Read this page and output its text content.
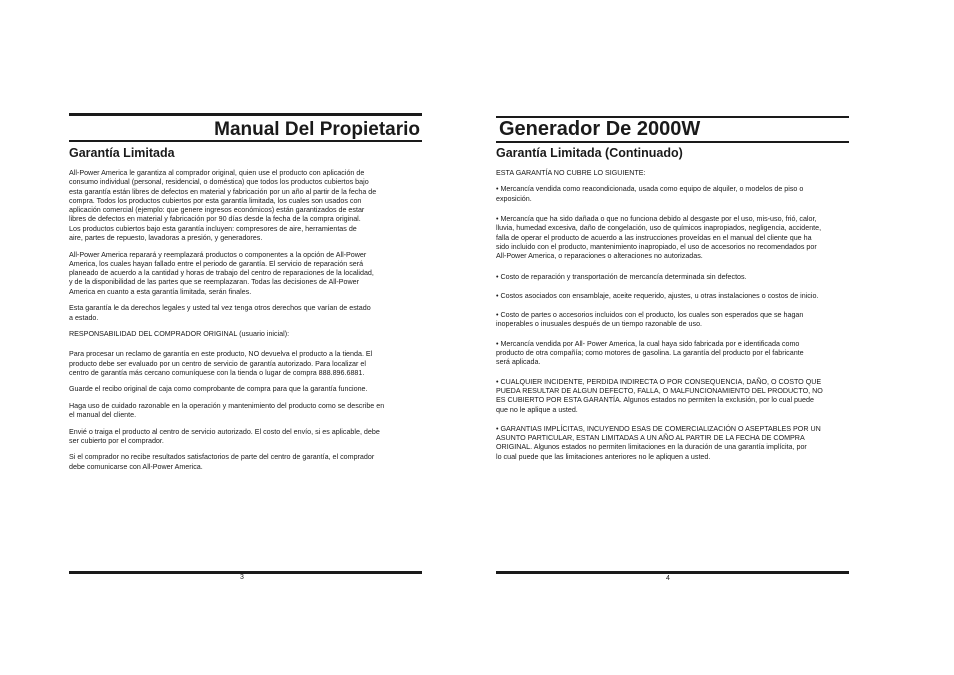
Manual Del Propietario
Garantía Limitada

All-Power America le garantiza al comprador original, quien use el producto con aplicación de
consumo individual (personal, residencial, o doméstica) que todos los productos cubiertos bajo
esta garantía están libres de defectos en material y fabricación por un año al partir de la fecha de
compra. Todos los productos cubiertos por esta garantía limitada, los cuales son usados con
aplicación comercial (ejemplo: que genere ingresos económicos) están garantizados de estar
libres de defectos en material y fabricación por 90 días desde la fecha de la compra original.
Los productos cubiertos bajo esta garantía incluyen: compresores de aire, herramientas de
aire, partes de repuesto, lavadoras a presión, y generadores.

All-Power America reparará y reemplazará productos o componentes a la opción de All-Power
America, los cuales hayan fallado entre el periodo de garantía. El servicio de reparación será
planeado de acuerdo a la cantidad y horas de trabajo del centro de reparaciones de la localidad,
y de la disponibilidad de las partes que se reemplazaran. Todas las decisiones de All-Power
America en cuanto a esta garantía limitada, serán finales.

Esta garantía le da derechos legales y usted tal vez tenga otros derechos que varían de estado
a estado.

RESPONSABILIDAD DEL COMPRADOR ORIGINAL (usuario inicial):

Para procesar un reclamo de garantía en este producto, NO devuelva el producto a la tienda. El
producto debe ser evaluado por un centro de servicio de garantía autorizado. Para localizar el
centro de garantía más cercano comuníquese con la tienda o lugar de compra 888.896.6881.

Guarde el recibo original de caja como comprobante de compra para que la garantía funcione.

Haga uso de cuidado razonable en la operación y mantenimiento del producto como se describe en
el manual del cliente.

Envié o traiga el producto al centro de servicio autorizado. El costo del envío, si es aplicable, debe
ser cubierto por el comprador.

Si el comprador no recibe resultados satisfactorios de parte del centro de garantía, el comprador
debe comunicarse con All-Power America.

3
Generador De 2000W
Garantía Limitada (Continuado)

ESTA GARANTÍA NO CUBRE LO SIGUIENTE:

• Mercancía vendida como reacondicionada, usada como equipo de alquiler, o modelos de piso o
exposición.

• Mercancía que ha sido dañada o que no funciona debido al desgaste por el uso, mis-uso, frió, calor,
lluvia, humedad excesiva, daño de congelación, uso de químicos inapropiados, negligencia, accidente,
falla de operar el producto de acuerdo a las instrucciones proveídas en el manual del cliente que ha
sido incluido con el producto, mantenimiento inapropiado, el uso de accesorios no recomendados por
All-Power America, o reparaciones o alteraciones no autorizadas.

• Costo de reparación y transportación de mercancía determinada sin defectos.

• Costos asociados con ensamblaje, aceite requerido, ajustes, u otras instalaciones o costos de inicio.

• Costo de partes o accesorios incluidos con el producto, los cuales son esperados que se hagan
inoperables o inusuales después de un tiempo razonable de uso.

• Mercancía vendida por All- Power America, la cual haya sido fabricada por e identificada como
producto de otra compañía; como motores de gasolina. La garantía del producto por el fabricante
será aplicada.

• CUALQUIER INCIDENTE, PERDIDA INDIRECTA O POR CONSEQUENCIA, DAÑO, O COSTO QUE
PUEDA RESULTAR DE ALGUN DEFECTO, FALLA, O MALFUNCIONAMIENTO DEL PRODUCTO, NO
ES CUBIERTO POR ESTA GARANTÍA. Algunos estados no permiten la exclusión, por lo cual puede
que no le aplique a usted.

• GARANTIAS IMPLÍCITAS, INCUYENDO ESAS DE COMERCIALIZACIÓN O ASEPTABLES POR UN
ASUNTO PARTICULAR, ESTAN LIMITADAS A UN AÑO AL PARTIR DE LA FECHA DE COMPRA
ORIGINAL. Algunos estados no permiten limitaciones en la duración de una garantía implícita, por
lo cual puede que las limitaciones anteriores no le apliquen a usted.

4
